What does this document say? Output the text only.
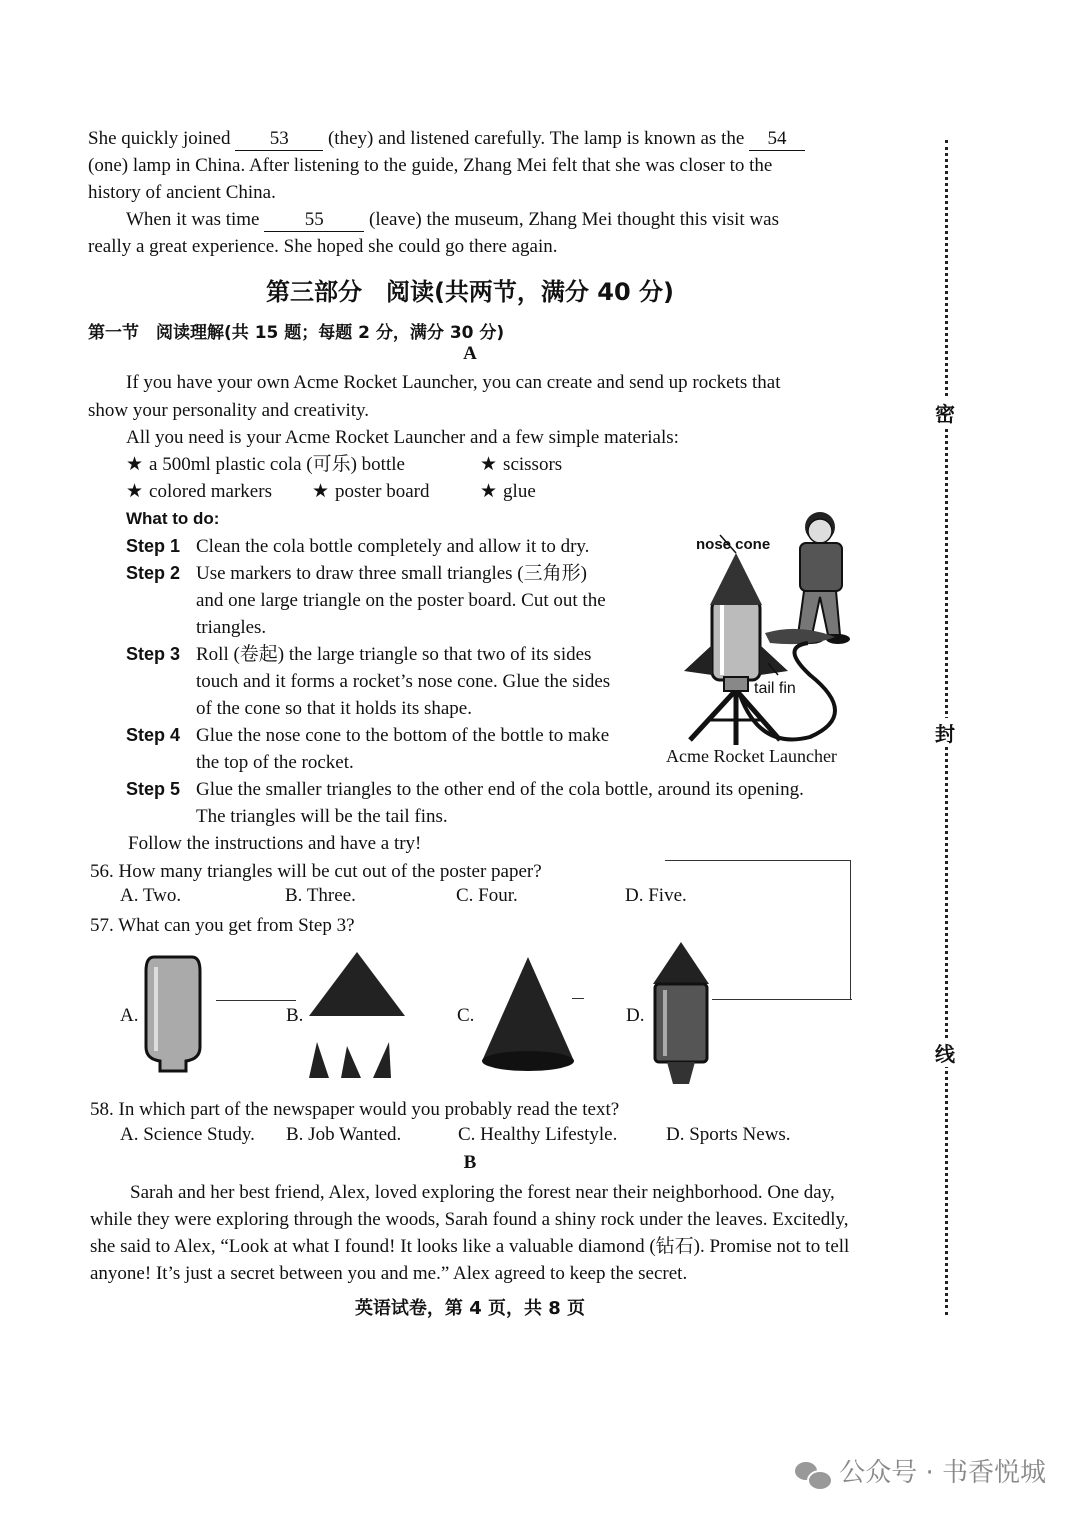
She quickly joined 53 (they) and listened carefully. The lamp is known as the 54
(one) lamp in China. After listening to the guide, Zhang Mei felt that she was closer to the
history of ancient China.
When it was time 55 (leave) the museum, Zhang Mei thought this visit was
really a great experience. She hoped she could go there again.
第三部分　阅读(共两节，满分 40 分)
第一节　阅读理解(共 15 题；每题 2 分，满分 30 分)
A
If you have your own Acme Rocket Launcher, you can create and send up rockets that
show your personality and creativity.
All you need is your Acme Rocket Launcher and a few simple materials:
★ a 500ml plastic cola (可乐) bottle	★ scissors
★ colored markers ★ poster board	★ glue
What to do:
Step 1 Clean the cola bottle completely and allow it to dry.
Step 2 Use markers to draw three small triangles (三角形)
and one large triangle on the poster board. Cut out the
triangles.
Step 3 Roll (卷起) the large triangle so that two of its sides
touch and it forms a rocket’s nose cone. Glue the sides
of the cone so that it holds its shape.
Step 4 Glue the nose cone to the bottom of the bottle to make
the top of the rocket.
Step 5 Glue the smaller triangles to the other end of the cola bottle, around its opening.
The triangles will be the tail fins.
Follow the instructions and have a try!
nose cone
tail fin
Acme Rocket Launcher
56. How many triangles will be cut out of the poster paper?
A. Two.	B. Three.	C. Four.	D. Five.
57. What can you get from Step 3?
A.	B.	C.	D.
58. In which part of the newspaper would you probably read the text?
A. Science Study. B. Job Wanted.	C. Healthy Lifestyle.	D. Sports News.
B
Sarah and her best friend, Alex, loved exploring the forest near their neighborhood. One day,
while they were exploring through the woods, Sarah found a shiny rock under the leaves. Excitedly,
she said to Alex, “Look at what I found! It looks like a valuable diamond (钻石). Promise not to tell
anyone! It’s just a secret between you and me.” Alex agreed to keep the secret.
英语试卷，第 4 页，共 8 页
密
封
线
公众号 · 书香悦城
